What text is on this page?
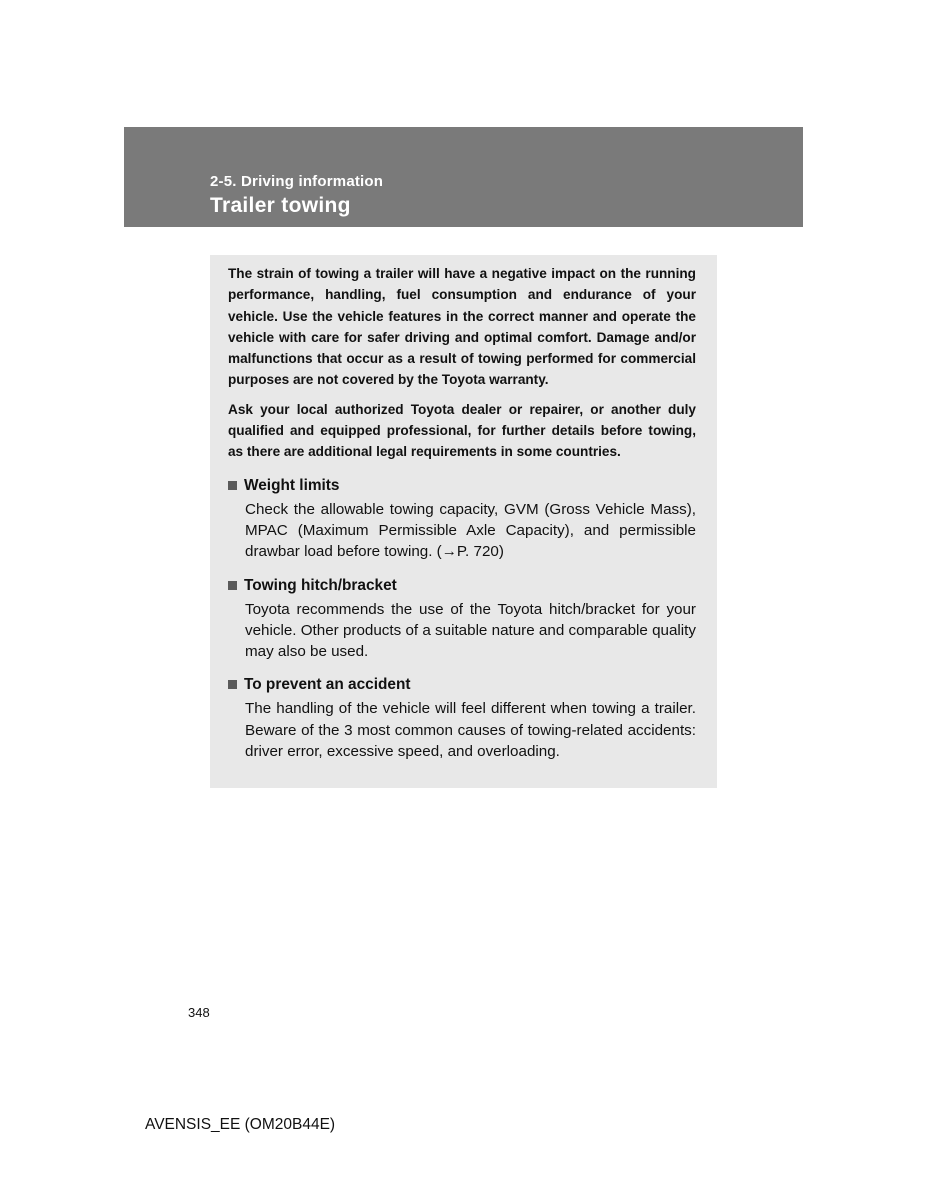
2-5. Driving information
Trailer towing

The strain of towing a trailer will have a negative impact on the running performance, handling, fuel consumption and endurance of your vehicle. Use the vehicle features in the correct manner and operate the vehicle with care for safer driving and optimal comfort. Damage and/or malfunctions that occur as a result of towing performed for commercial purposes are not covered by the Toyota warranty.

Ask your local authorized Toyota dealer or repairer, or another duly qualified and equipped professional, for further details before towing, as there are additional legal requirements in some countries.

Weight limits

Check the allowable towing capacity, GVM (Gross Vehicle Mass), MPAC (Maximum Permissible Axle Capacity), and permissible drawbar load before towing. (→P. 720)

Towing hitch/bracket

Toyota recommends the use of the Toyota hitch/bracket for your vehicle. Other products of a suitable nature and comparable quality may also be used.

To prevent an accident

The handling of the vehicle will feel different when towing a trailer. Beware of the 3 most common causes of towing-related accidents: driver error, excessive speed, and overloading.

348
AVENSIS_EE (OM20B44E)
